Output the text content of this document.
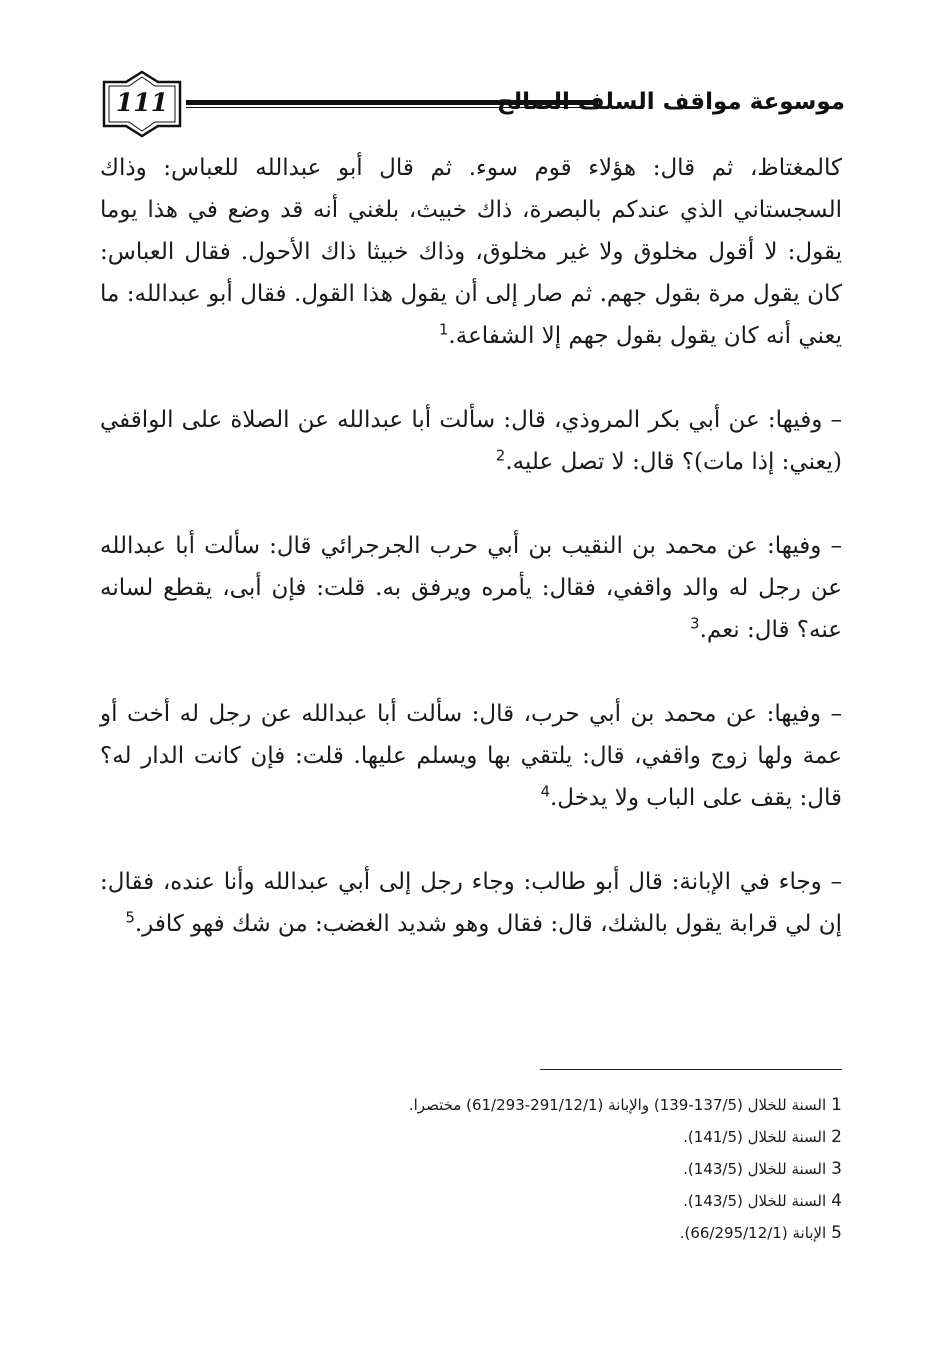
111	موسوعة مواقف السلف الصالح

كالمغتاظ، ثم قال: هؤلاء قوم سوء. ثم قال أبو عبدالله للعباس: وذاك السجستاني الذي عندكم بالبصرة، ذاك خبيث، بلغني أنه قد وضع في هذا يوما يقول: لا أقول مخلوق ولا غير مخلوق، وذاك خبيثا ذاك الأحول. فقال العباس: كان يقول مرة بقول جهم. ثم صار إلى أن يقول هذا القول. فقال أبو عبدالله: ما يعني أنه كان يقول بقول جهم إلا الشفاعة.$^1$

– وفيها: عن أبي بكر المروذي، قال: سألت أبا عبدالله عن الصلاة على الواقفي (يعني: إذا مات)؟ قال: لا تصل عليه.$^2$

– وفيها: عن محمد بن النقيب بن أبي حرب الجرجرائي قال: سألت أبا عبدالله عن رجل له والد واقفي، فقال: يأمره ويرفق به. قلت: فإن أبى، يقطع لسانه عنه؟ قال: نعم.$^3$

– وفيها: عن محمد بن أبي حرب، قال: سألت أبا عبدالله عن رجل له أخت أو عمة ولها زوج واقفي، قال: يلتقي بها ويسلم عليها. قلت: فإن كانت الدار له؟ قال: يقف على الباب ولا يدخل.$^4$

– وجاء في الإبانة: قال أبو طالب: وجاء رجل إلى أبي عبدالله وأنا عنده، فقال: إن لي قرابة يقول بالشك، قال: فقال وهو شديد الغضب: من شك فهو كافر.$^5$

1السنة للخلال (137/5-139) والإبانة (291/12/1-61/293) مختصرا.
2السنة للخلال (141/5).
3السنة للخلال (143/5).
4السنة للخلال (143/5).
5الإبانة (66/295/12/1).
